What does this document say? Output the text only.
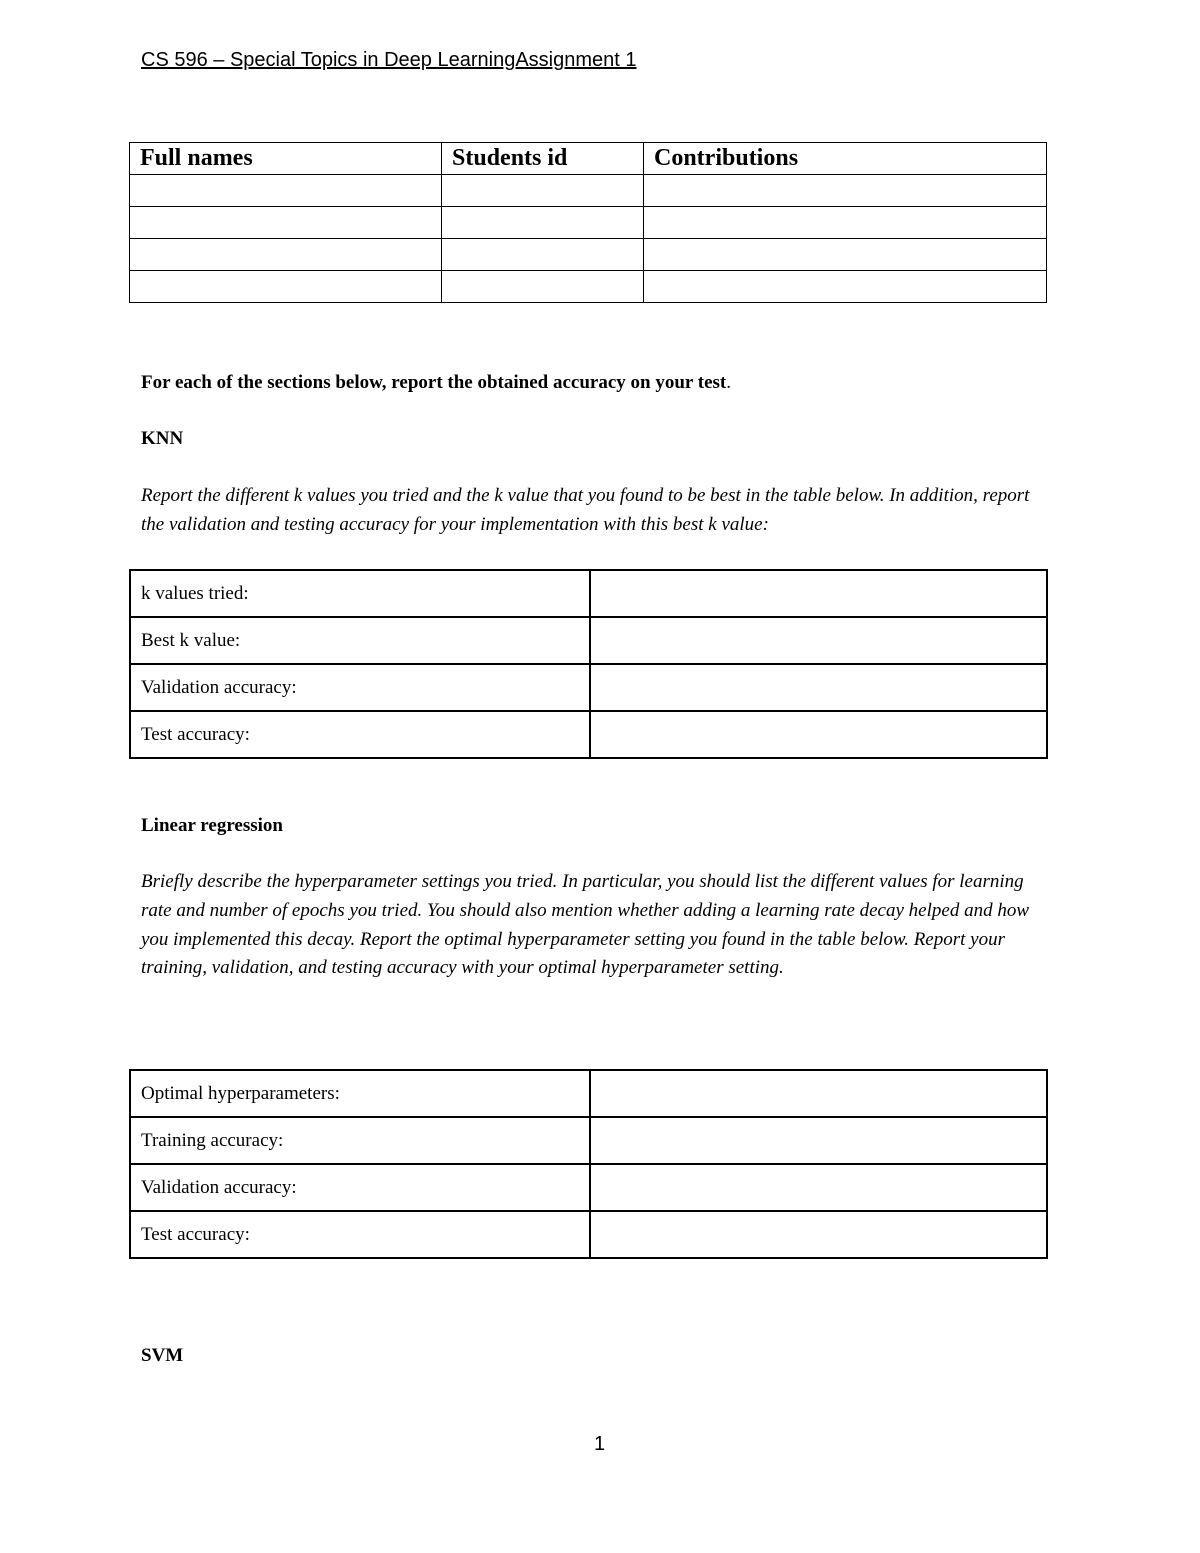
CS 596 – Special Topics in Deep LearningAssignment 1
Full names	Students id	Contributions

For each of the sections below, report the obtained accuracy on your test.
KNN
Report the different k values you tried and the k value that you found to be best in the table below. In addition, report the validation and testing accuracy for your implementation with this best k value:
k values tried:	
Best k value:	
Validation accuracy:	
Test accuracy:	
Linear regression
Briefly describe the hyperparameter settings you tried. In particular, you should list the different values for learning rate and number of epochs you tried. You should also mention whether adding a learning rate decay helped and how you implemented this decay. Report the optimal hyperparameter setting you found in the table below. Report your training, validation, and testing accuracy with your optimal hyperparameter setting.
Optimal hyperparameters:	
Training accuracy:	
Validation accuracy:	
Test accuracy:	
SVM
1
